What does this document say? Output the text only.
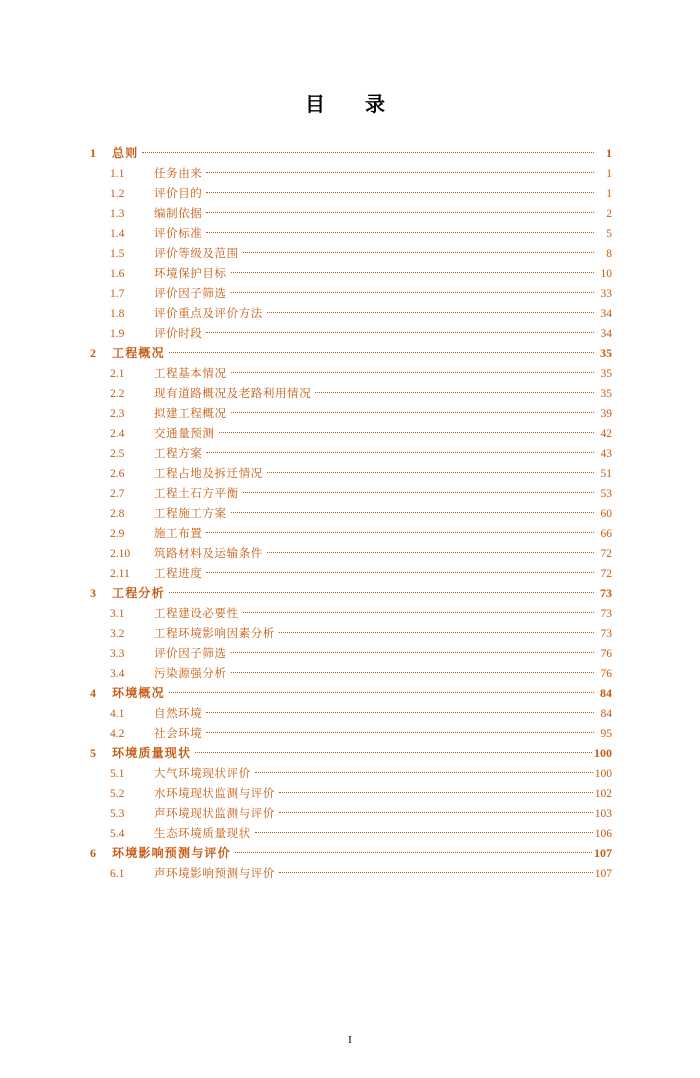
目　录
1	总则	1
1.1	任务由来	1
1.2	评价目的	1
1.3	编制依据	2
1.4	评价标准	5
1.5	评价等级及范围	8
1.6	环境保护目标	10
1.7	评价因子筛选	33
1.8	评价重点及评价方法	34
1.9	评价时段	34
2	工程概况	35
2.1	工程基本情况	35
2.2	现有道路概况及老路利用情况	35
2.3	拟建工程概况	39
2.4	交通量预测	42
2.5	工程方案	43
2.6	工程占地及拆迁情况	51
2.7	工程土石方平衡	53
2.8	工程施工方案	60
2.9	施工布置	66
2.10	筑路材料及运输条件	72
2.11	工程进度	72
3	工程分析	73
3.1	工程建设必要性	73
3.2	工程环境影响因素分析	73
3.3	评价因子筛选	76
3.4	污染源强分析	76
4	环境概况	84
4.1	自然环境	84
4.2	社会环境	95
5	环境质量现状	100
5.1	大气环境现状评价	100
5.2	水环境现状监测与评价	102
5.3	声环境现状监测与评价	103
5.4	生态环境质量现状	106
6	环境影响预测与评价	107
6.1	声环境影响预测与评价	107
I
